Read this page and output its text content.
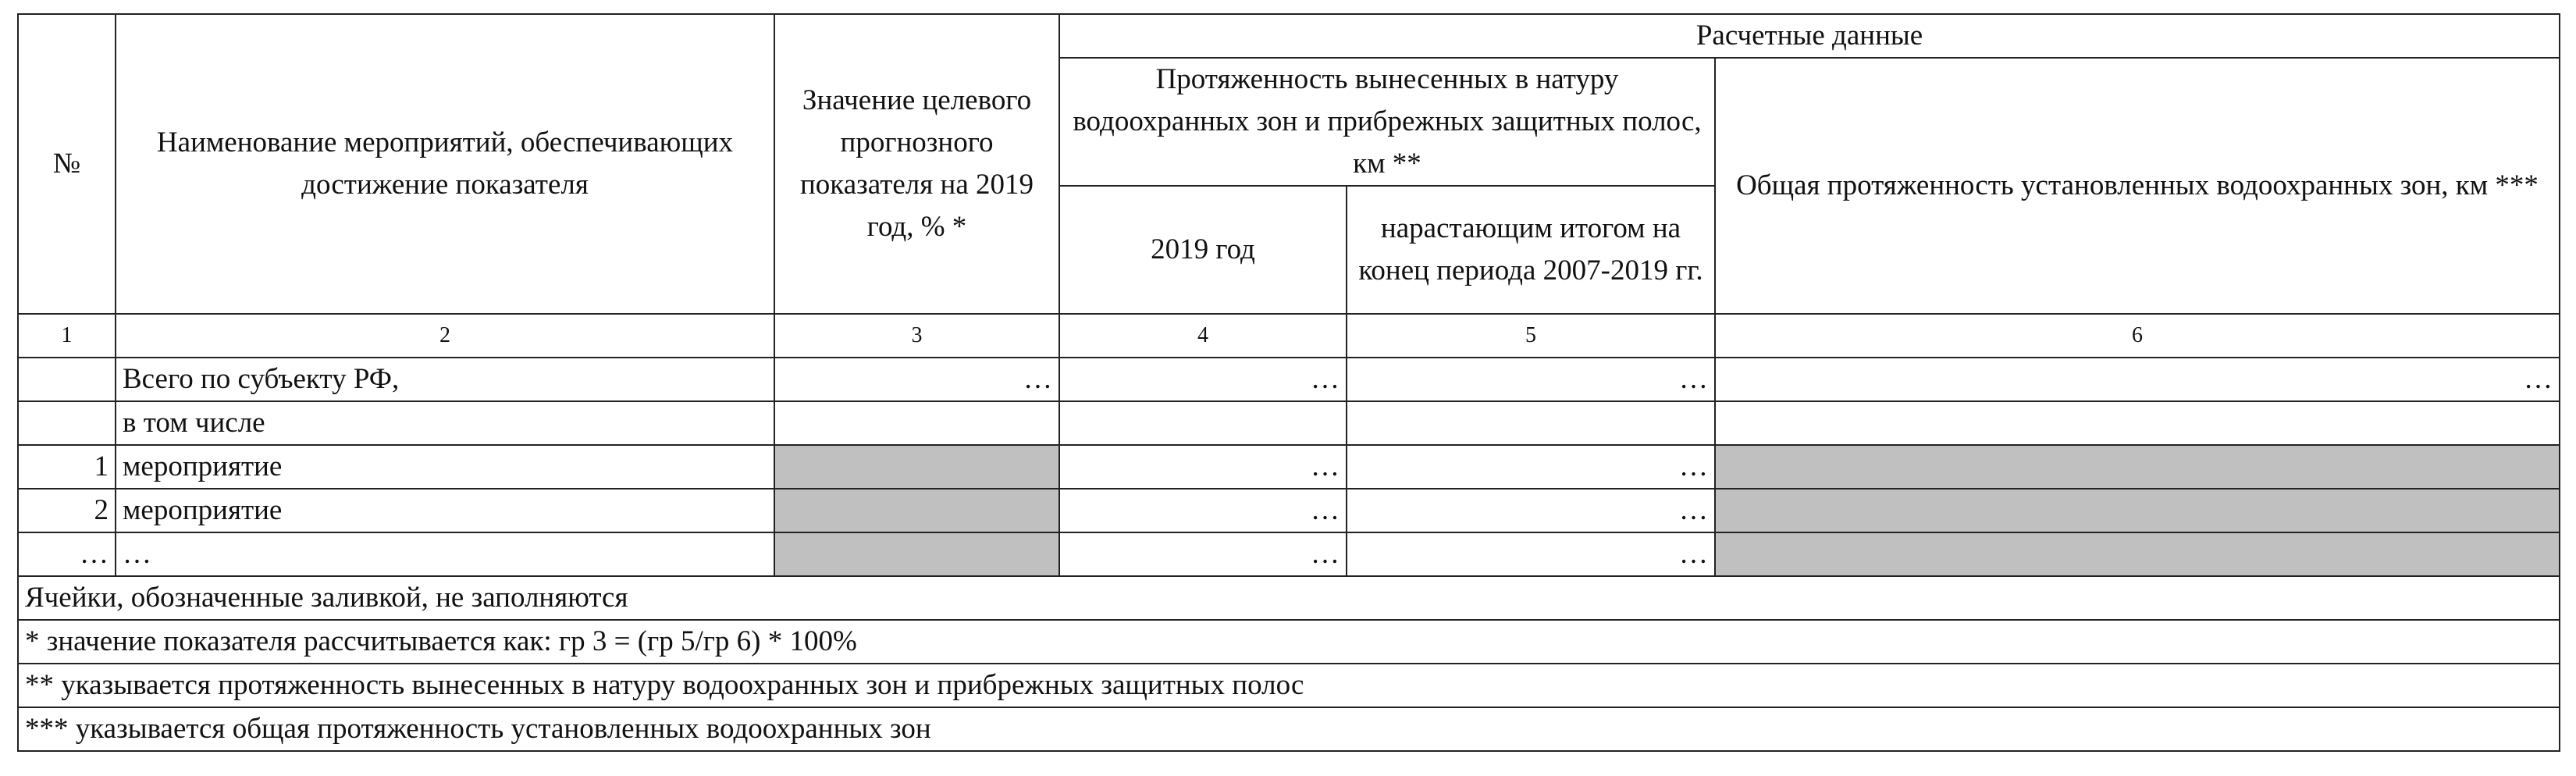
№	Наименование мероприятий, обеспечивающих достижение показателя	Значение целевого прогнозного показателя на 2019 год, % *	Расчетные данные		
			Протяженность вынесенных в натуру водоохранных зон и прибрежных защитных полос, км **		Общая протяженность установленных водоохранных зон, км ***
			2019 год	нарастающим итогом на конец периода 2007-2019 гг.	
1	2	3	4	5	6
	Всего по субъекту РФ,	…	…	…	…
	в том числе				
1	мероприятие		…	…	
2	мероприятие		…	…	
…	…		…	…	
Ячейки, обозначенные заливкой, не заполняются					
* значение показателя рассчитывается как: гр 3 = (гр 5/гр 6) * 100%					
** указывается протяженность вынесенных в натуру водоохранных зон и прибрежных защитных полос					
*** указывается общая протяженность установленных водоохранных зон					
